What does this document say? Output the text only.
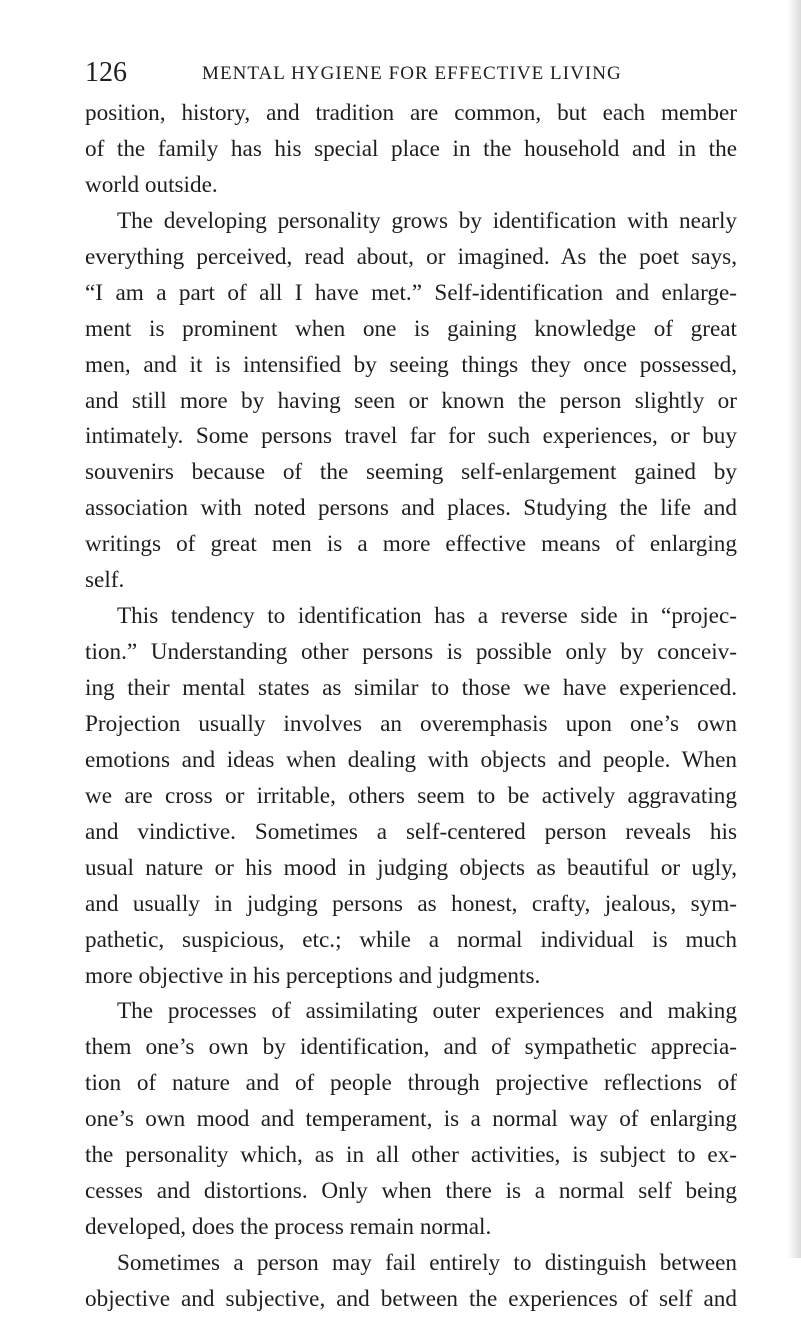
126	MENTAL HYGIENE FOR EFFECTIVE LIVING
position, history, and tradition are common, but each member
of the family has his special place in the household and in the
world outside.
The developing personality grows by identification with nearly
everything perceived, read about, or imagined. As the poet says,
“I am a part of all I have met.” Self-identification and enlarge-
ment is prominent when one is gaining knowledge of great
men, and it is intensified by seeing things they once possessed,
and still more by having seen or known the person slightly or
intimately. Some persons travel far for such experiences, or buy
souvenirs because of the seeming self-enlargement gained by
association with noted persons and places. Studying the life and
writings of great men is a more effective means of enlarging
self.
This tendency to identification has a reverse side in “projec-
tion.” Understanding other persons is possible only by conceiv-
ing their mental states as similar to those we have experienced.
Projection usually involves an overemphasis upon one’s own
emotions and ideas when dealing with objects and people. When
we are cross or irritable, others seem to be actively aggravating
and vindictive. Sometimes a self-centered person reveals his
usual nature or his mood in judging objects as beautiful or ugly,
and usually in judging persons as honest, crafty, jealous, sym-
pathetic, suspicious, etc.; while a normal individual is much
more objective in his perceptions and judgments.
The processes of assimilating outer experiences and making
them one’s own by identification, and of sympathetic apprecia-
tion of nature and of people through projective reflections of
one’s own mood and temperament, is a normal way of enlarging
the personality which, as in all other activities, is subject to ex-
cesses and distortions. Only when there is a normal self being
developed, does the process remain normal.
Sometimes a person may fail entirely to distinguish between
objective and subjective, and between the experiences of self and
